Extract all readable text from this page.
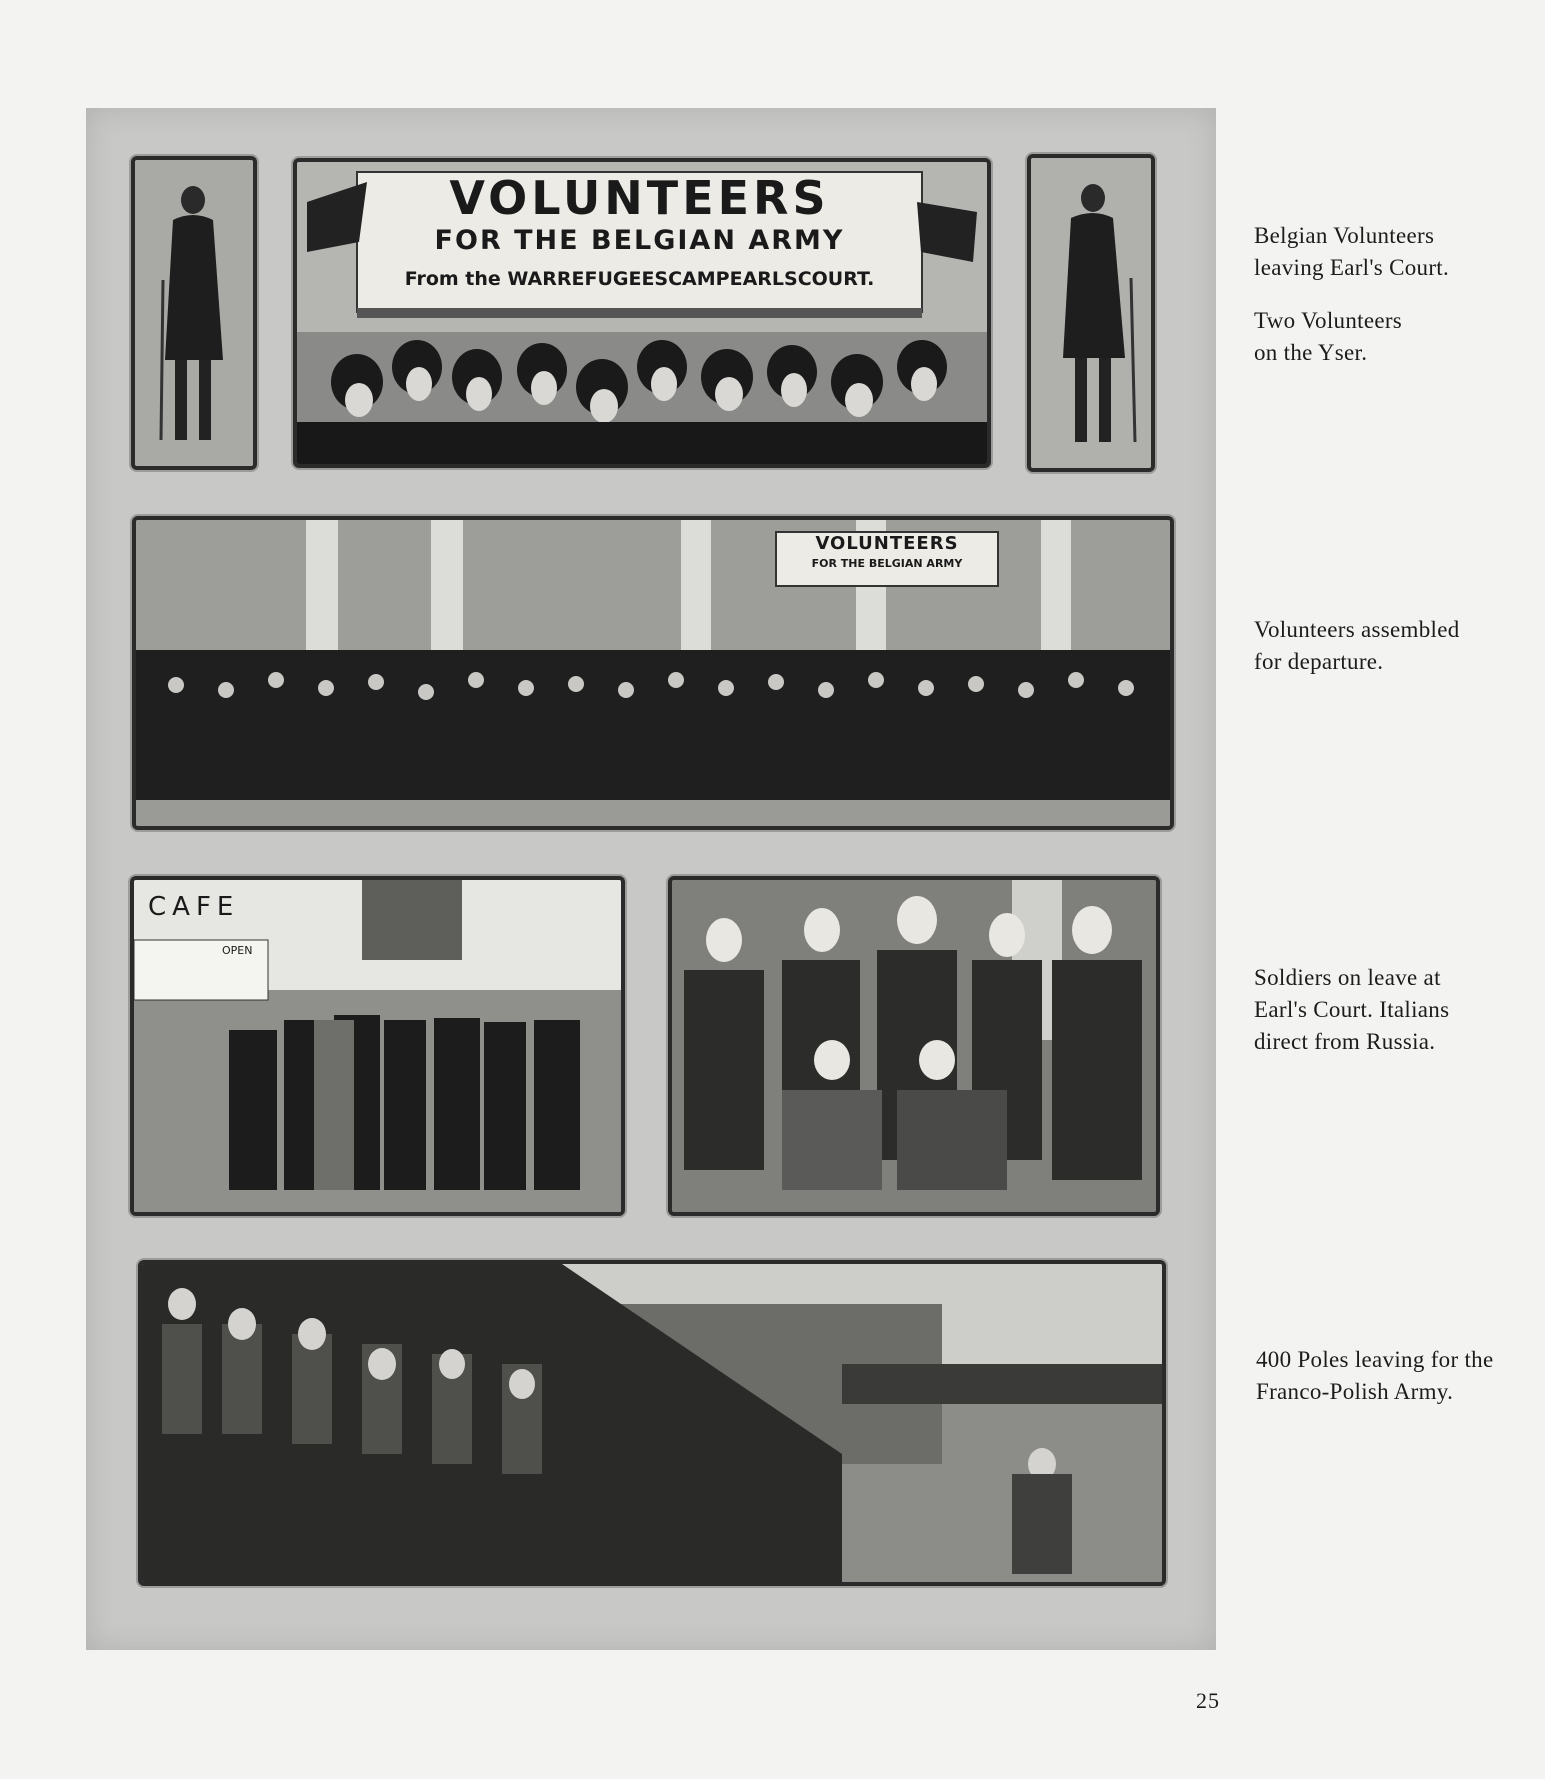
VOLUNTEERS
FOR THE BELGIAN ARMY
From the WARREFUGEESCAMPEARLSCOURT.
VOLUNTEERS
FOR THE BELGIAN ARMY
CAFE
OPEN
Belgian Volunteers
leaving Earl's Court.
Two Volunteers
on the Yser.
Volunteers assembled
for departure.
Soldiers on leave at
Earl's Court. Italians
direct from Russia.
400 Poles leaving for the
Franco-Polish Army.
25
